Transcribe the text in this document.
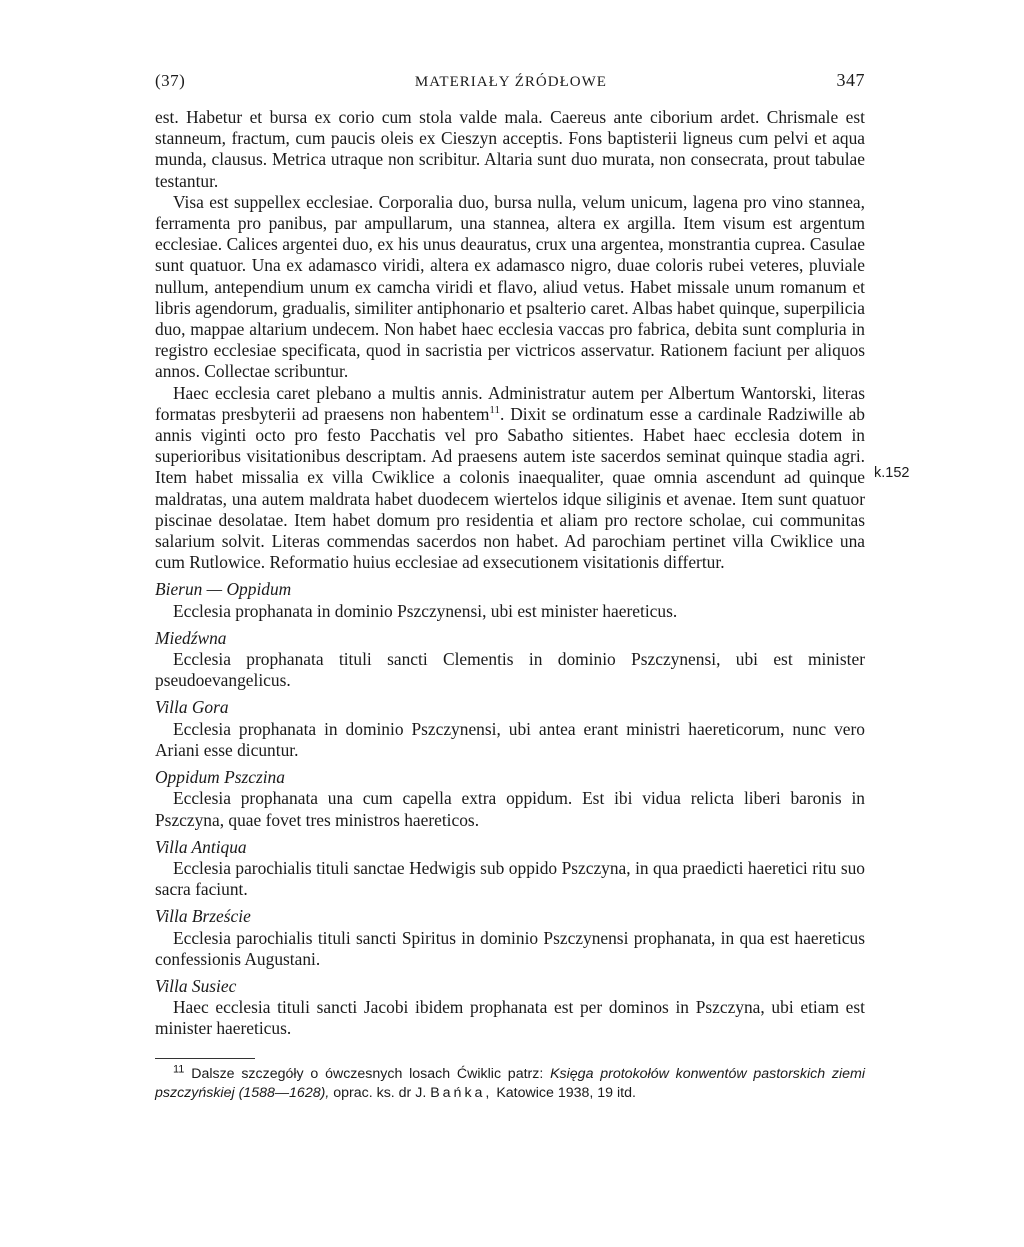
(37)	MATERIAŁY ŹRÓDŁOWE	347

est. Habetur et bursa ex corio cum stola valde mala. Caereus ante ciborium ardet. Chrismale est stanneum, fractum, cum paucis oleis ex Cieszyn acceptis. Fons baptisterii ligneus cum pelvi et aqua munda, clausus. Metrica utraque non scribitur. Altaria sunt duo murata, non consecrata, prout tabulae testantur.

Visa est suppellex ecclesiae. Corporalia duo, bursa nulla, velum unicum, lagena pro vino stannea, ferramenta pro panibus, par ampullarum, una stannea, altera ex argilla. Item visum est argentum ecclesiae. Calices argentei duo, ex his unus deauratus, crux una argentea, monstrantia cuprea. Casulae sunt quatuor. Una ex adamasco viridi, altera ex adamasco nigro, duae coloris rubei veteres, pluviale nullum, antependium unum ex camcha viridi et flavo, aliud vetus. Habet missale unum romanum et libris agendorum, gradualis, similiter antiphonario et psalterio caret. Albas habet quinque, superpilicia duo, mappae altarium undecem. Non habet haec ecclesia vaccas pro fabrica, debita sunt compluria in registro ecclesiae specificata, quod in sacristia per victricos asservatur. Rationem faciunt per aliquos annos. Collectae scribuntur.

Haec ecclesia caret plebano a multis annis. Administratur autem per Albertum Wantorski, literas formatas presbyterii ad praesens non habentem$^{11}$. Dixit se ordinatum esse a cardinale Radziwille ab annis viginti octo pro festo Pacchatis vel pro Sabatho sitientes. Habet haec ecclesia dotem in superioribus visitationibus descriptam. Ad praesens autem iste sacerdos seminat quinque stadia agri. Item habet missalia ex villa Cwiklice a colonis inaequaliter, quae omnia ascendunt ad quinque maldratas, una autem maldrata habet duodecem wiertelos idque siliginis et avenae. Item sunt quatuor piscinae desolatae. Item habet domum pro residentia et aliam pro rectore scholae, cui communitas salarium solvit. Literas commendas sacerdos non habet. Ad parochiam pertinet villa Cwiklice una cum Rutlowice. Reformatio huius ecclesiae ad exsecutionem visitationis differtur.

Bierun — Oppidum

Ecclesia prophanata in dominio Pszczynensi, ubi est minister haereticus.

Miedźwna

Ecclesia prophanata tituli sancti Clementis in dominio Pszczynensi, ubi est minister pseudoevangelicus.

Villa Gora

Ecclesia prophanata in dominio Pszczynensi, ubi antea erant ministri haereticorum, nunc vero Ariani esse dicuntur.

Oppidum Pszczina

Ecclesia prophanata una cum capella extra oppidum. Est ibi vidua relicta liberi baronis in Pszczyna, quae fovet tres ministros haereticos.

Villa Antiqua

Ecclesia parochialis tituli sanctae Hedwigis sub oppido Pszczyna, in qua praedicti haeretici ritu suo sacra faciunt.

Villa Brzeście

Ecclesia parochialis tituli sancti Spiritus in dominio Pszczynensi prophanata, in qua est haereticus confessionis Augustani.

Villa Susiec

Haec ecclesia tituli sancti Jacobi ibidem prophanata est per dominos in Pszczyna, ubi etiam est minister haereticus.

$^{11}$ Dalsze szczegóły o ówczesnych losach Ćwiklic patrz: Księga protokołów konwentów pastorskich ziemi pszczyńskiej (1588—1628), oprac. ks. dr J. Bańka, Katowice 1938, 19 itd.
k.152
